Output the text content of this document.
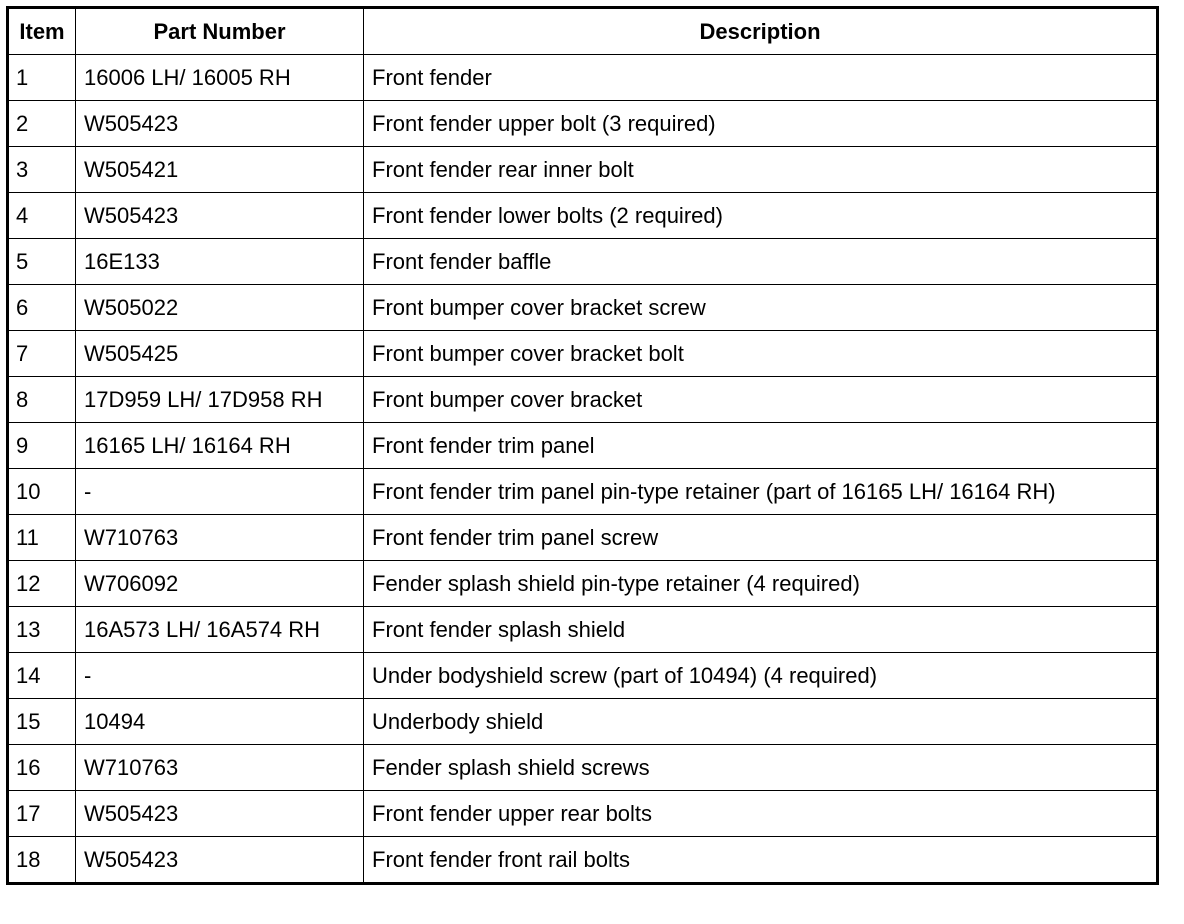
Item	Part Number	Description
1	16006 LH/ 16005 RH	Front fender
2	W505423	Front fender upper bolt (3 required)
3	W505421	Front fender rear inner bolt
4	W505423	Front fender lower bolts (2 required)
5	16E133	Front fender baffle
6	W505022	Front bumper cover bracket screw
7	W505425	Front bumper cover bracket bolt
8	17D959 LH/ 17D958 RH	Front bumper cover bracket
9	16165 LH/ 16164 RH	Front fender trim panel
10	-	Front fender trim panel pin-type retainer (part of 16165 LH/ 16164 RH)
11	W710763	Front fender trim panel screw
12	W706092	Fender splash shield pin-type retainer (4 required)
13	16A573 LH/ 16A574 RH	Front fender splash shield
14	-	Under bodyshield screw (part of 10494) (4 required)
15	10494	Underbody shield
16	W710763	Fender splash shield screws
17	W505423	Front fender upper rear bolts
18	W505423	Front fender front rail bolts
